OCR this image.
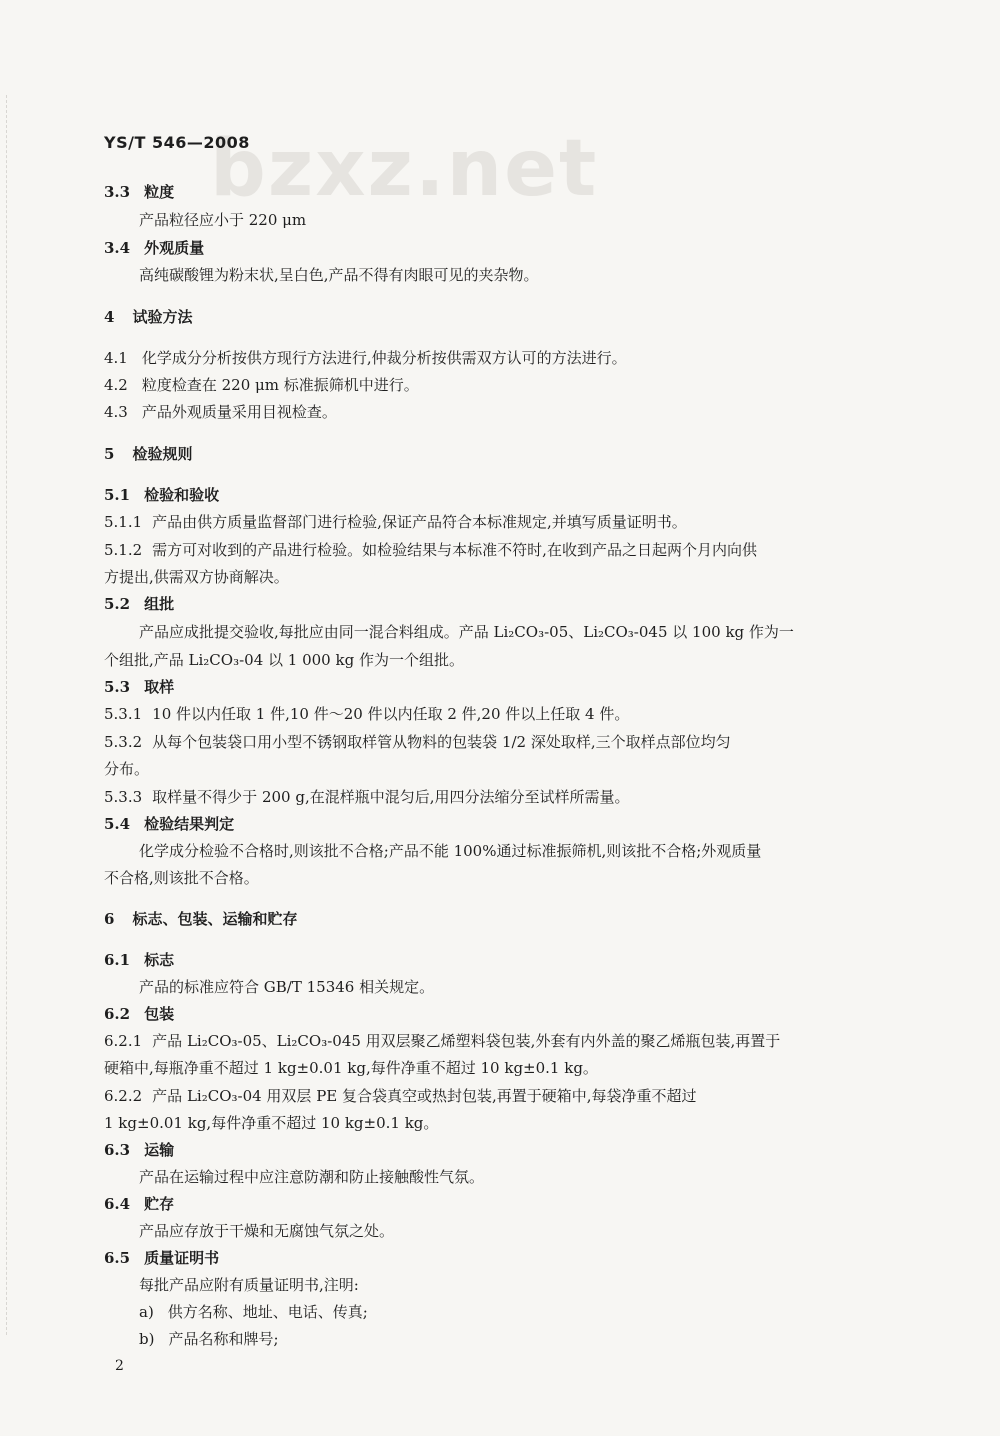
bzxz.net
YS/T 546—2008
3.3 粒度
产品粒径应小于 220 μm
3.4 外观质量
高纯碳酸锂为粉末状,呈白色,产品不得有肉眼可见的夹杂物。
4 试验方法
4.1 化学成分分析按供方现行方法进行,仲裁分析按供需双方认可的方法进行。
4.2 粒度检查在 220 μm 标准振筛机中进行。
4.3 产品外观质量采用目视检查。
5 检验规则
5.1 检验和验收
5.1.1 产品由供方质量监督部门进行检验,保证产品符合本标准规定,并填写质量证明书。
5.1.2 需方可对收到的产品进行检验。如检验结果与本标准不符时,在收到产品之日起两个月内向供
方提出,供需双方协商解决。
5.2 组批
产品应成批提交验收,每批应由同一混合料组成。产品 Li₂CO₃-05、Li₂CO₃-045 以 100 kg 作为一
个组批,产品 Li₂CO₃-04 以 1 000 kg 作为一个组批。
5.3 取样
5.3.1 10 件以内任取 1 件,10 件～20 件以内任取 2 件,20 件以上任取 4 件。
5.3.2 从每个包装袋口用小型不锈钢取样管从物料的包装袋 1/2 深处取样,三个取样点部位均匀
分布。
5.3.3 取样量不得少于 200 g,在混样瓶中混匀后,用四分法缩分至试样所需量。
5.4 检验结果判定
化学成分检验不合格时,则该批不合格;产品不能 100%通过标准振筛机,则该批不合格;外观质量
不合格,则该批不合格。
6 标志、包装、运输和贮存
6.1 标志
产品的标准应符合 GB/T 15346 相关规定。
6.2 包装
6.2.1 产品 Li₂CO₃-05、Li₂CO₃-045 用双层聚乙烯塑料袋包装,外套有内外盖的聚乙烯瓶包装,再置于
硬箱中,每瓶净重不超过 1 kg±0.01 kg,每件净重不超过 10 kg±0.1 kg。
6.2.2 产品 Li₂CO₃-04 用双层 PE 复合袋真空或热封包装,再置于硬箱中,每袋净重不超过
1 kg±0.01 kg,每件净重不超过 10 kg±0.1 kg。
6.3 运输
产品在运输过程中应注意防潮和防止接触酸性气氛。
6.4 贮存
产品应存放于干燥和无腐蚀气氛之处。
6.5 质量证明书
每批产品应附有质量证明书,注明:
a) 供方名称、地址、电话、传真;
b) 产品名称和牌号;
2
